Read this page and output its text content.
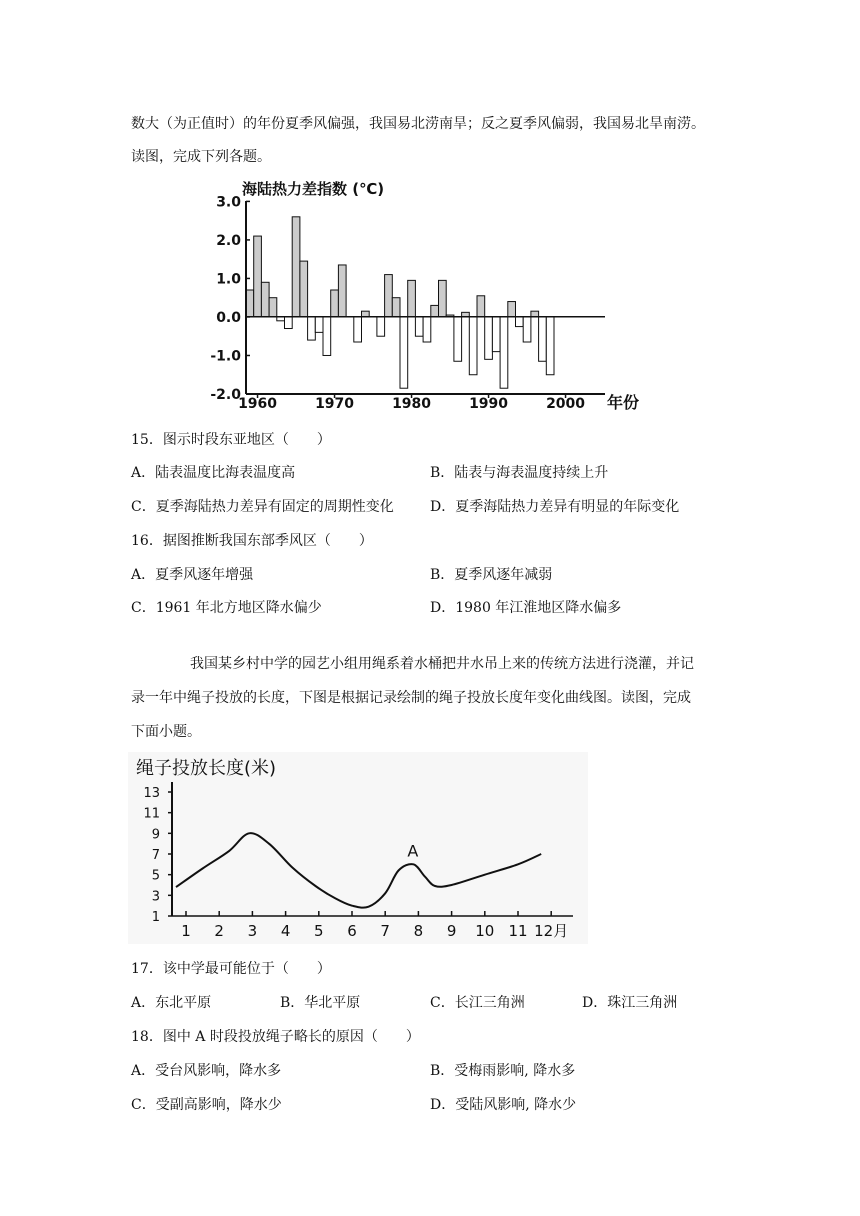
数大（为正值时）的年份夏季风偏强，我国易北涝南旱；反之夏季风偏弱，我国易北旱南涝。
读图，完成下列各题。
海陆热力差指数 (℃)
3.0
2.0
1.0
0.0
-1.0
-2.0
1960	1970	1980	1990	2000 年份
15．图示时段东亚地区（　　）
A．陆表温度比海表温度高	B．陆表与海表温度持续上升
C．夏季海陆热力差异有固定的周期性变化	D．夏季海陆热力差异有明显的年际变化
16．据图推断我国东部季风区（　　）
A．夏季风逐年增强	B．夏季风逐年减弱
C．1961 年北方地区降水偏少	D．1980 年江淮地区降水偏多
我国某乡村中学的园艺小组用绳系着水桶把井水吊上来的传统方法进行浇灌，并记
录一年中绳子投放的长度，下图是根据记录绘制的绳子投放长度年变化曲线图。读图，完成
下面小题。
绳子投放长度(米)
13
11
9
7
5
3
1
1 2 3 4 5 6 7 8 9 10 11 12月
A
17．该中学最可能位于（　　）
A．东北平原	B．华北平原	C．长江三角洲	D．珠江三角洲
18．图中 A 时段投放绳子略长的原因（　　）
A．受台风影响，降水多	B．受梅雨影响, 降水多
C．受副高影响，降水少	D．受陆风影响, 降水少
